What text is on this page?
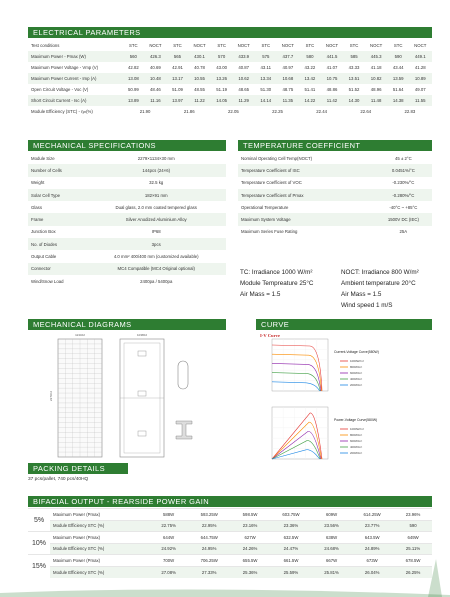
ELECTRICAL PARAMETERS
Test conditions	STC	NOCT	STC	NOCT	STC	NOCT	STC	NOCT	STC	NOCT	STC	NOCT	STC	NOCT
Maximum Power - Pmax (W)	560	426.3	565	430.1	570	433.9	575	437.7	580	441.5	585	445.3	590	449.1
Maximum Power Voltage - Vmp (V)	42.82	40.69	42.91	40.78	43.00	40.87	43.11	40.97	43.22	41.07	43.33	41.18	43.44	41.28
Maximum Power Current - Imp (A)	13.08	10.48	13.17	10.55	13.26	10.62	13.34	10.68	13.42	10.75	13.51	10.82	13.59	10.89
Open Circuit Voltage - Voc (V)	50.99	48.46	51.09	48.55	51.19	48.65	51.30	48.75	51.41	48.86	51.52	48.96	51.64	49.07
Short Circuit Current - Isc (A)	13.89	11.16	13.97	11.22	14.05	11.29	14.14	11.35	14.22	11.42	14.30	11.48	14.38	11.55
Module Efficiency (STC) - ηₘ(%)	21.90		21.86		22.05		22.25		22.44		22.64		22.83	
MECHANICAL SPECIFICATIONS
Module Size	2279×1134×30 mm
Number of Cells	144pcs (24×6)
Weight	32.5 kg
Solar Cell Type	182×91 mm
Glass	Dual glass, 2.0 mm coated tempered glass
Frame	Silver Anodized Aluminium Alloy
Junction Box	IP68
No. of Diodes	3pcs
Output Cable	4.0 mm² 400/400 mm (customized available)
Connector	MC4 Compatible (MC4 Original optional)
Wind/Snow Load	2400pa / 5400pa
TEMPERATURE COEFFICIENT
Nominal Operating Cell Temp(NOCT)	45 ± 2°C
Temperature Coefficient of ISC	0.0451%/°C
Temperature Coefficient of VOC	-0.230%/°C
Temperature Coefficient of Pmax	-0.280%/°C
Operational Temperature	-40°C ~ +85°C
Maximum System Voltage	1500V DC (IEC)
Maximum Series Fuse Rating	25A
TC: Irradiance 1000 W/m²
Module Tempreature 25°C
Air Mass = 1.5
NOCT: Irradiance 800 W/m²
Ambient temperature 20°C
Air Mass = 1.5
Wind speed 1 m/S
MECHANICAL DIAGRAMS
1134±2
2279±2
1038±2
CURVE
I-V Curve
Current-Voltage Curve(580W)
1000W/m²
800W/m²
600W/m²
400W/m²
200W/m²
Power-Voltage Curve(580W)
1000W/m²
800W/m²
600W/m²
400W/m²
200W/m²
PACKING DETAILS
37 pcs/pallet, 740 pcs/40HQ
BIFACIAL OUTPUT - REARSIDE POWER GAIN
5%	Maximum Power (Pmax)	588W	593.25W	598.5W	603.75W	609W	614.25W	23.96%
	Module Efficiency STC (%)	22.75%	22.95%	23.16%	23.36%	23.56%	23.77%	590
10%	Maximum Power (Pmax)	644W	644.75W	627W	632.5W	638W	643.5W	649W
	Module Efficiency STC (%)	24.92%	24.95%	24.26%	24.47%	24.68%	24.89%	25.11%
15%	Maximum Power (Pmax)	700W	706.25W	655.5W	661.5W	667W	673W	678.5W
	Module Efficiency STC (%)	27.08%	27.33%	25.36%	25.59%	25.81%	26.04%	26.25%
